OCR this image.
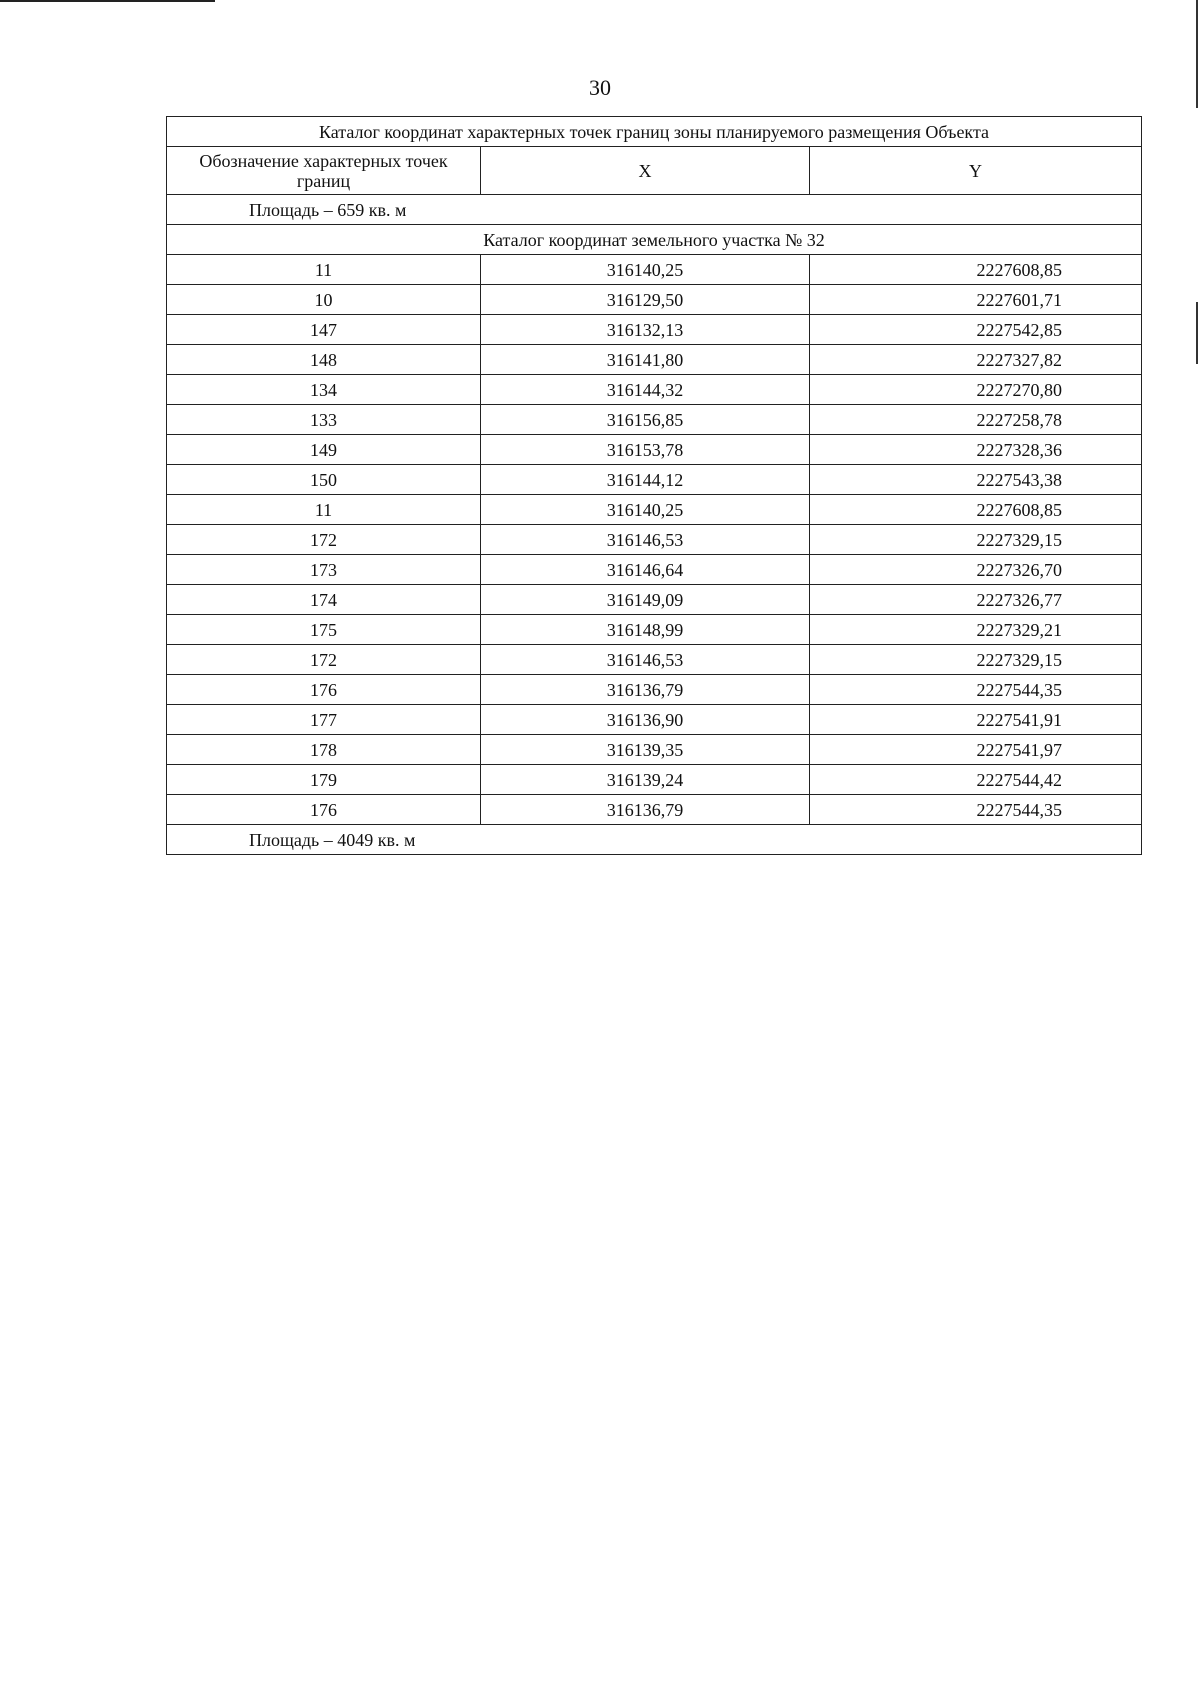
30
Каталог координат характерных точек границ зоны планируемого размещения Объекта		
Обозначение характерных точек границ	X	Y
Площадь – 659 кв. м		
Каталог координат земельного участка № 32		
11	316140,25	2227608,85
10	316129,50	2227601,71
147	316132,13	2227542,85
148	316141,80	2227327,82
134	316144,32	2227270,80
133	316156,85	2227258,78
149	316153,78	2227328,36
150	316144,12	2227543,38
11	316140,25	2227608,85
172	316146,53	2227329,15
173	316146,64	2227326,70
174	316149,09	2227326,77
175	316148,99	2227329,21
172	316146,53	2227329,15
176	316136,79	2227544,35
177	316136,90	2227541,91
178	316139,35	2227541,97
179	316139,24	2227544,42
176	316136,79	2227544,35
Площадь – 4049 кв. м		
